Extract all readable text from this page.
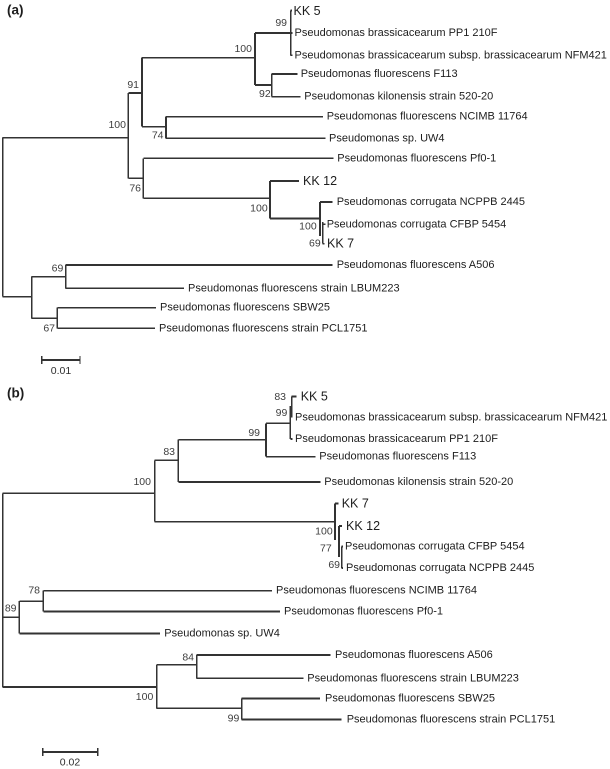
(a)	KK 5
Pseudomonas brassicacearum PP1 210F
Pseudomonas brassicacearum subsp. brassicacearum NFM421
Pseudomonas fluorescens F113
Pseudomonas kilonensis strain 520-20
Pseudomonas fluorescens NCIMB 11764
Pseudomonas sp. UW4
Pseudomonas fluorescens Pf0-1
KK 12
Pseudomonas corrugata NCPPB 2445
Pseudomonas corrugata CFBP 5454
KK 7
Pseudomonas fluorescens A506
Pseudomonas fluorescens strain LBUM223
Pseudomonas fluorescens SBW25
Pseudomonas fluorescens strain PCL1751
99
100
92
91
100
74
76
100
100
69
69
67
0.01
(b)	KK 5
Pseudomonas brassicacearum subsp. brassicacearum NFM421
Pseudomonas brassicacearum PP1 210F
Pseudomonas fluorescens F113
Pseudomonas kilonensis strain 520-20
KK 7
KK 12
Pseudomonas corrugata CFBP 5454
Pseudomonas corrugata NCPPB 2445
Pseudomonas fluorescens NCIMB 11764
Pseudomonas fluorescens Pf0-1
Pseudomonas sp. UW4
Pseudomonas fluorescens A506
Pseudomonas fluorescens strain LBUM223
Pseudomonas fluorescens SBW25
Pseudomonas fluorescens strain PCL1751
83
99
99
83
100
100
77
69
78
89
84
100
99
0.02
